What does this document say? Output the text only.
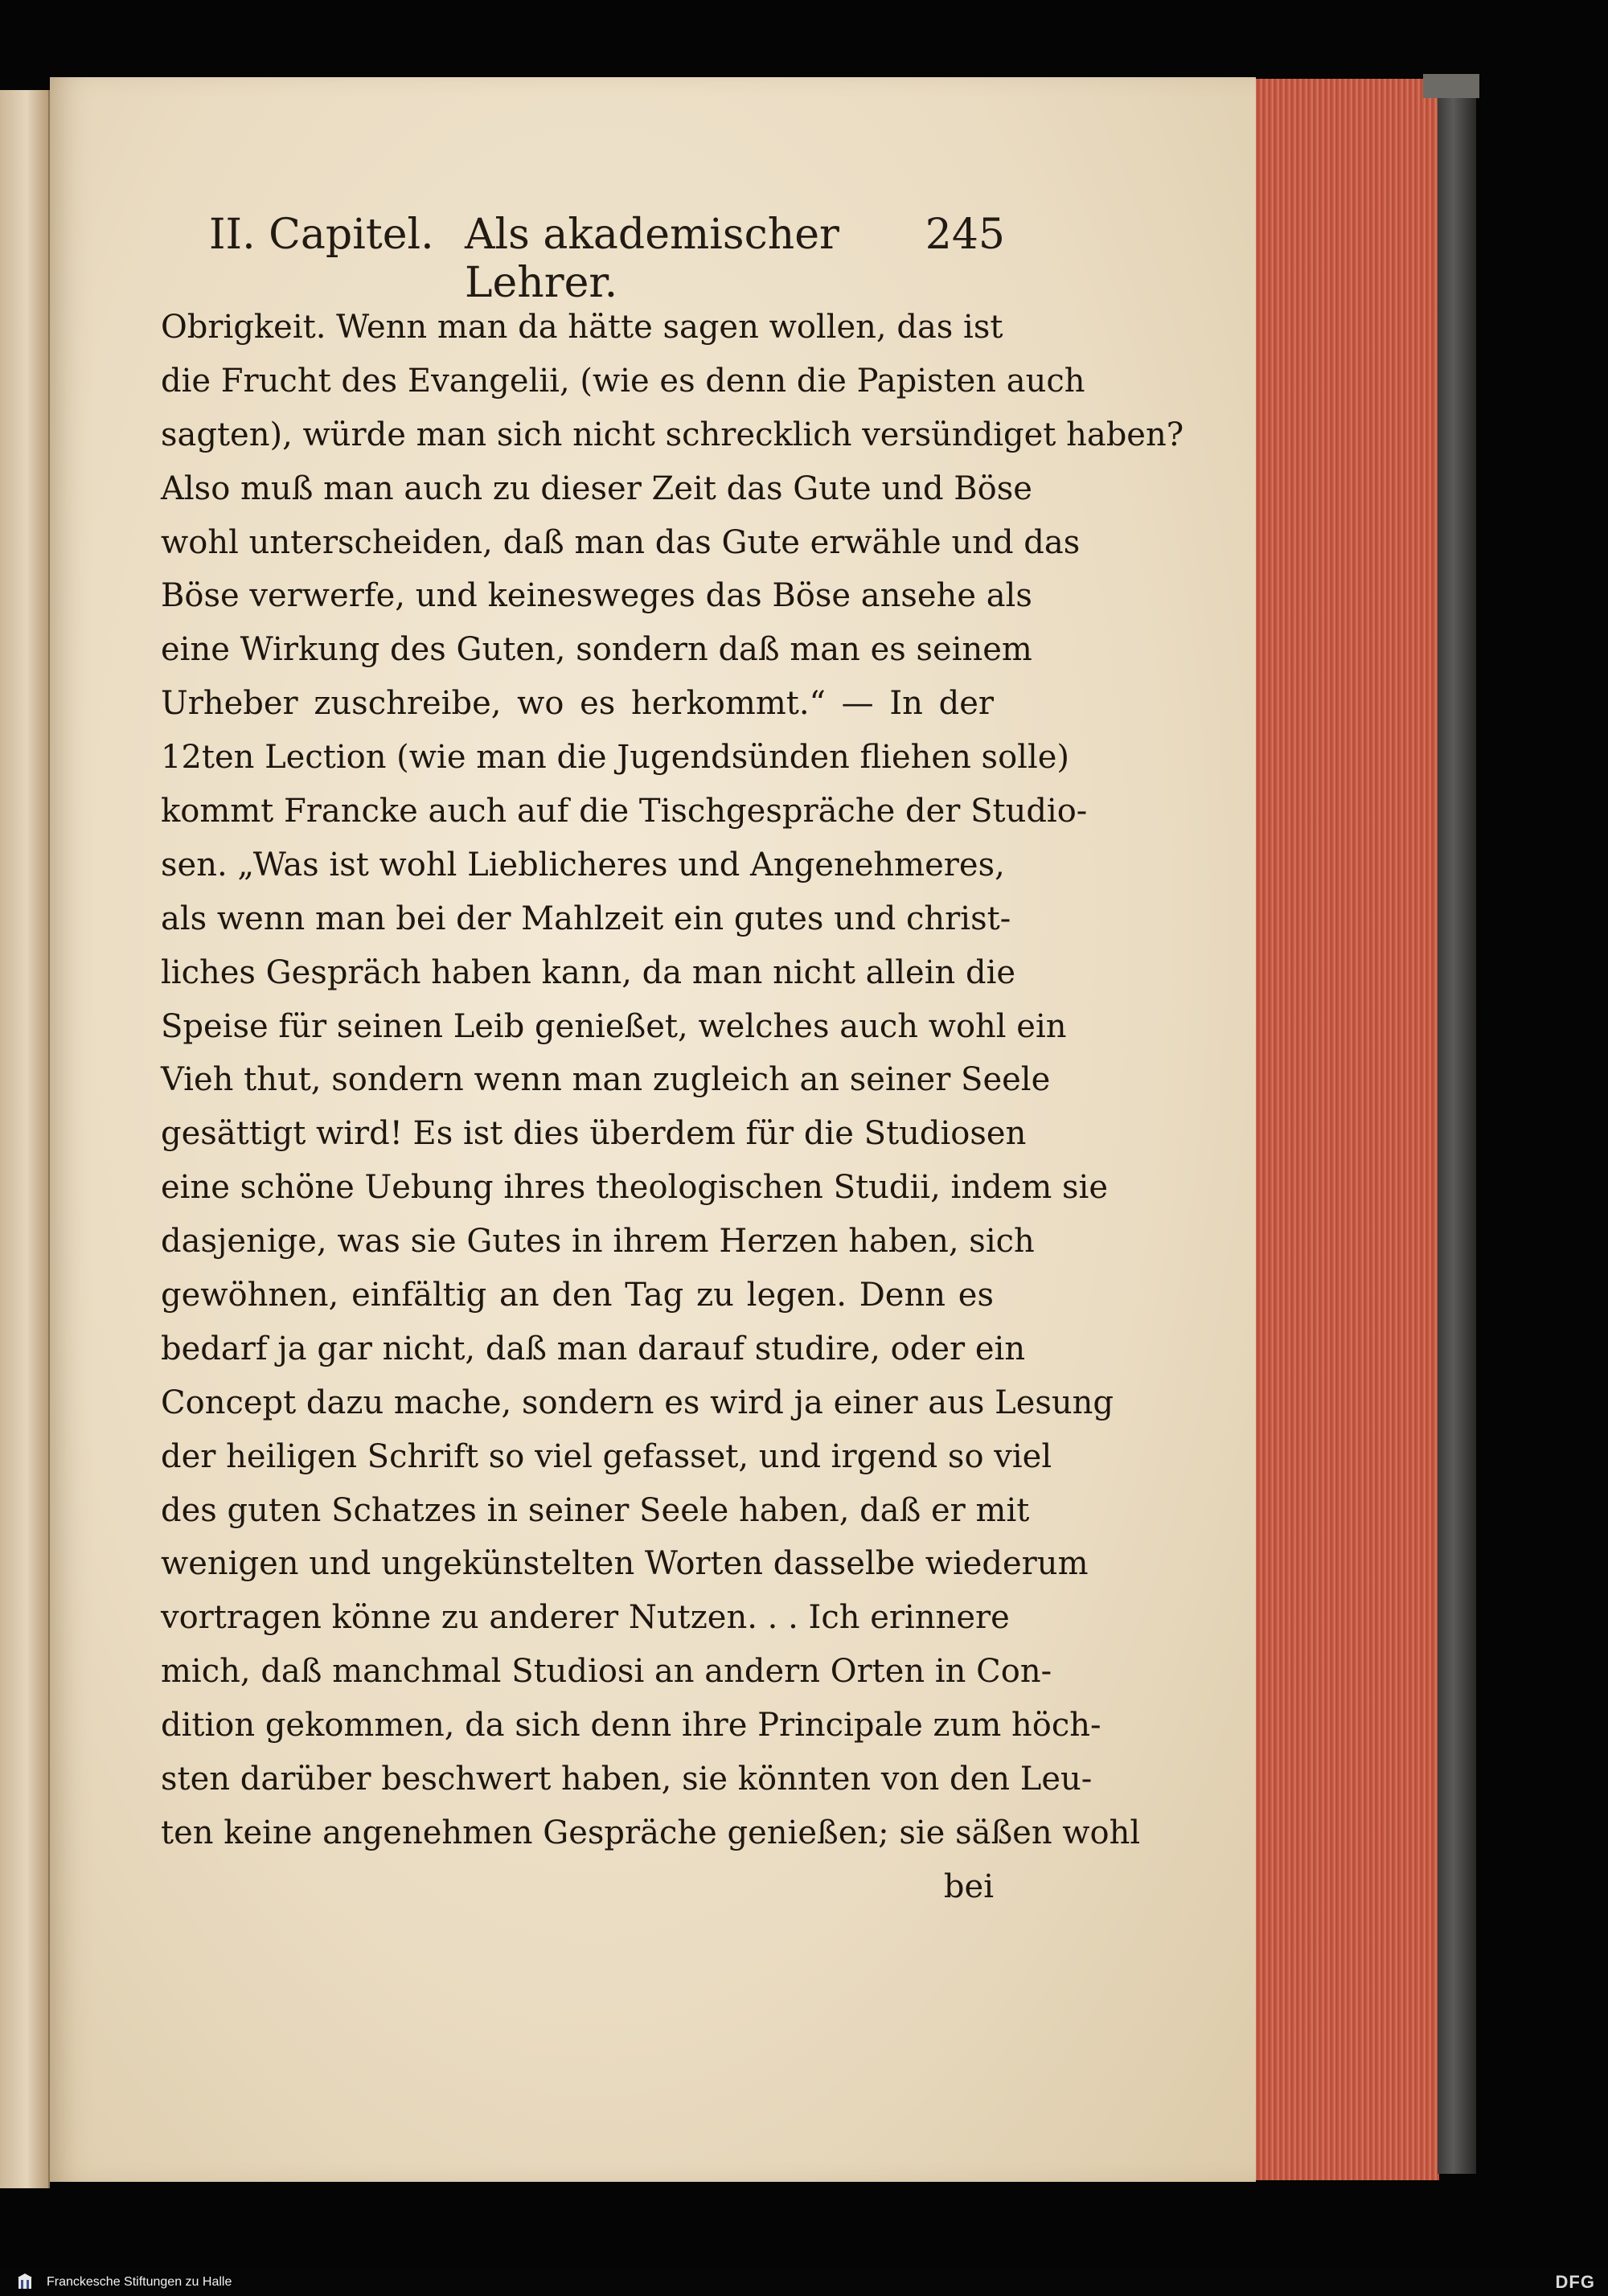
II. Capitel. Als akademischer Lehrer.
245
Obrigkeit. Wenn man da hätte sagen wollen, das ist
die Frucht des Evangelii, (wie es denn die Papisten auch
sagten), würde man sich nicht schrecklich versündiget haben?
Also muß man auch zu dieser Zeit das Gute und Böse
wohl unterscheiden, daß man das Gute erwähle und das
Böse verwerfe, und keinesweges das Böse ansehe als
eine Wirkung des Guten, sondern daß man es seinem
Urheber zuschreibe, wo es herkommt.“ — In der
12ten Lection (wie man die Jugendsünden fliehen solle)
kommt Francke auch auf die Tischgespräche der Studio-
sen. „Was ist wohl Lieblicheres und Angenehmeres,
als wenn man bei der Mahlzeit ein gutes und christ-
liches Gespräch haben kann, da man nicht allein die
Speise für seinen Leib genießet, welches auch wohl ein
Vieh thut, sondern wenn man zugleich an seiner Seele
gesättigt wird! Es ist dies überdem für die Studiosen
eine schöne Uebung ihres theologischen Studii, indem sie
dasjenige, was sie Gutes in ihrem Herzen haben, sich
gewöhnen, einfältig an den Tag zu legen. Denn es
bedarf ja gar nicht, daß man darauf studire, oder ein
Concept dazu mache, sondern es wird ja einer aus Lesung
der heiligen Schrift so viel gefasset, und irgend so viel
des guten Schatzes in seiner Seele haben, daß er mit
wenigen und ungekünstelten Worten dasselbe wiederum
vortragen könne zu anderer Nutzen. . . Ich erinnere
mich, daß manchmal Studiosi an andern Orten in Con-
dition gekommen, da sich denn ihre Principale zum höch-
sten darüber beschwert haben, sie könnten von den Leu-
ten keine angenehmen Gespräche genießen; sie säßen wohl
bei
Franckesche Stiftungen zu Halle	DFG
